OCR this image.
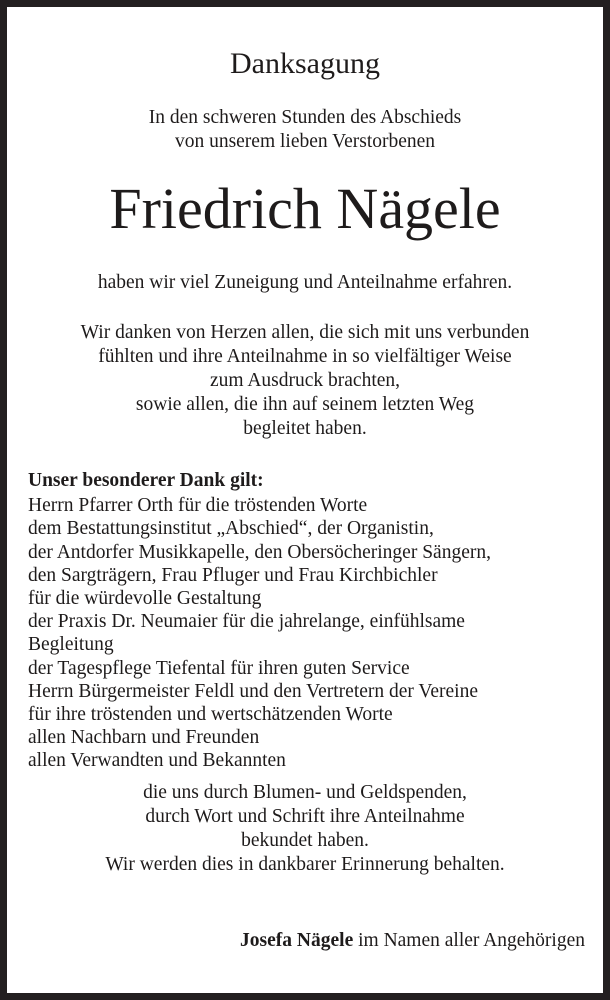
Danksagung
In den schweren Stunden des Abschieds
von unserem lieben Verstorbenen
Friedrich Nägele
haben wir viel Zuneigung und Anteilnahme erfahren.
Wir danken von Herzen allen, die sich mit uns verbunden
fühlten und ihre Anteilnahme in so vielfältiger Weise
zum Ausdruck brachten,
sowie allen, die ihn auf seinem letzten Weg
begleitet haben.
Unser besonderer Dank gilt:
Herrn Pfarrer Orth für die tröstenden Worte
dem Bestattungsinstitut „Abschied“, der Organistin,
der Antdorfer Musikkapelle, den Obersöcheringer Sängern,
den Sargträgern, Frau Pfluger und Frau Kirchbichler
für die würdevolle Gestaltung
der Praxis Dr. Neumaier für die jahrelange, einfühlsame
Begleitung
der Tagespflege Tiefental für ihren guten Service
Herrn Bürgermeister Feldl und den Vertretern der Vereine
für ihre tröstenden und wertschätzenden Worte
allen Nachbarn und Freunden
allen Verwandten und Bekannten
die uns durch Blumen- und Geldspenden,
durch Wort und Schrift ihre Anteilnahme
bekundet haben.
Wir werden dies in dankbarer Erinnerung behalten.
Josefa Nägele im Namen aller Angehörigen
